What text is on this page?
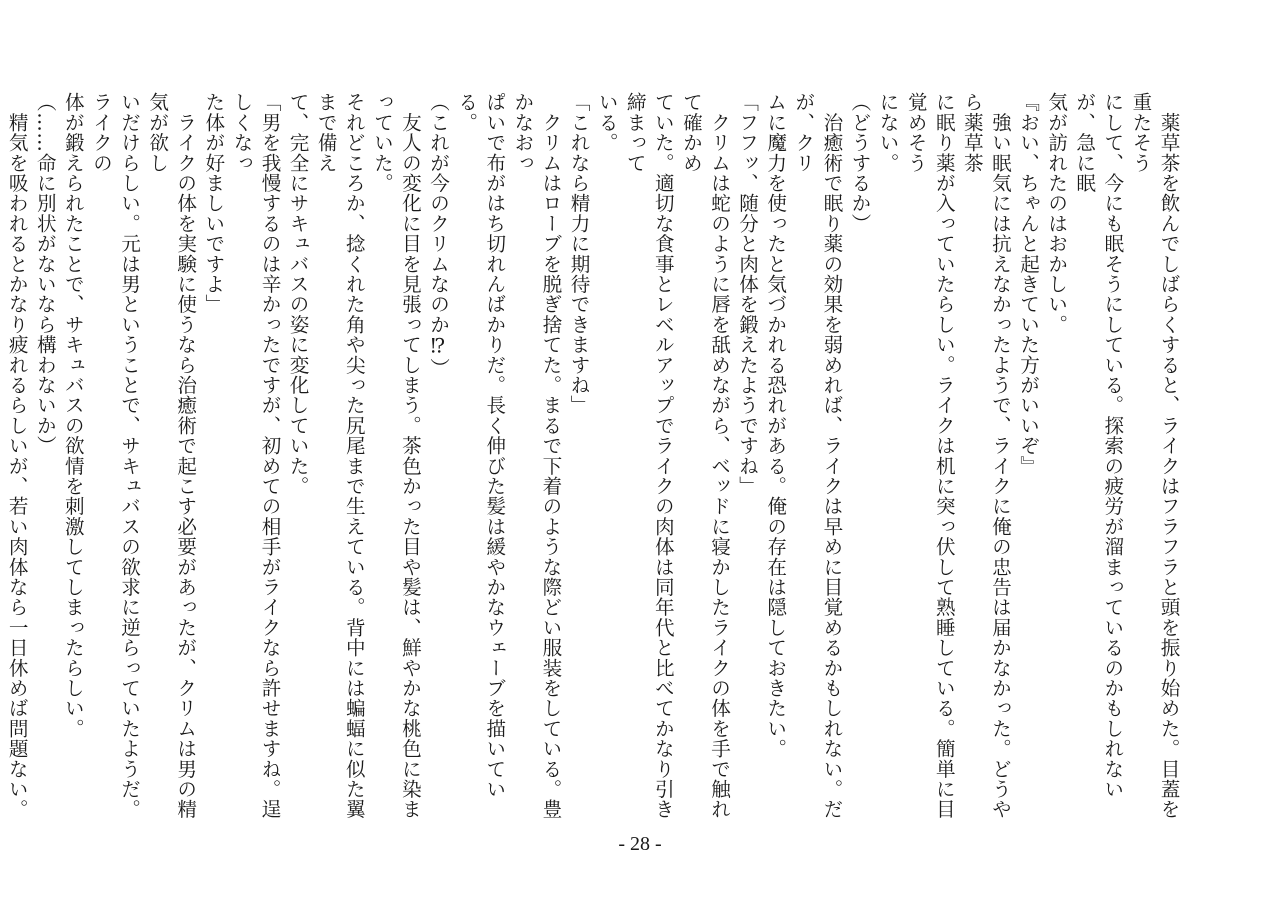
　薬草茶を飲んでしばらくすると、ライクはフラフラと頭を振り始めた。目蓋を重たそう

にして、今にも眠そうにしている。探索の疲労が溜まっているのかもしれないが、急に眠

気が訪れたのはおかしい。

『おい、ちゃんと起きていた方がいいぞ』

　強い眠気には抗えなかったようで、ライクに俺の忠告は届かなかった。どうやら薬草茶

に眠り薬が入っていたらしい。ライクは机に突っ伏して熟睡している。簡単に目覚めそう

にない。

（どうするか）

　治癒術で眠り薬の効果を弱めれば、ライクは早めに目覚めるかもしれない。だが、クリ

ムに魔力を使ったと気づかれる恐れがある。俺の存在は隠しておきたい。

「フフッ、随分と肉体を鍛えたようですね」

　クリムは蛇のように唇を舐めながら、ベッドに寝かしたライクの体を手で触れて確かめ

ていた。適切な食事とレベルアップでライクの肉体は同年代と比べてかなり引き締まって

いる。

「これなら精力に期待できますね」

　クリムはローブを脱ぎ捨てた。まるで下着のような際どい服装をしている。豊かなおっ

ぱいで布がはち切れんばかりだ。長く伸びた髪は緩やかなウェーブを描いている。

（これが今のクリムなのか⁉）

　友人の変化に目を見張ってしまう。茶色かった目や髪は、鮮やかな桃色に染まっていた。

それどころか、捻くれた角や尖った尻尾まで生えている。背中には蝙蝠に似た翼まで備え

て、完全にサキュバスの姿に変化していた。

「男を我慢するのは辛かったですが、初めての相手がライクなら許せますね。逞しくなっ

た体が好ましいですよ」

　ライクの体を実験に使うなら治癒術で起こす必要があったが、クリムは男の精気が欲し

いだけらしい。元は男ということで、サキュバスの欲求に逆らっていたようだ。ライクの

体が鍛えられたことで、サキュバスの欲情を刺激してしまったらしい。

（……命に別状がないなら構わないか）

　精気を吸われるとかなり疲れるらしいが、若い肉体なら一日休めば問題ない。

- 28 -
